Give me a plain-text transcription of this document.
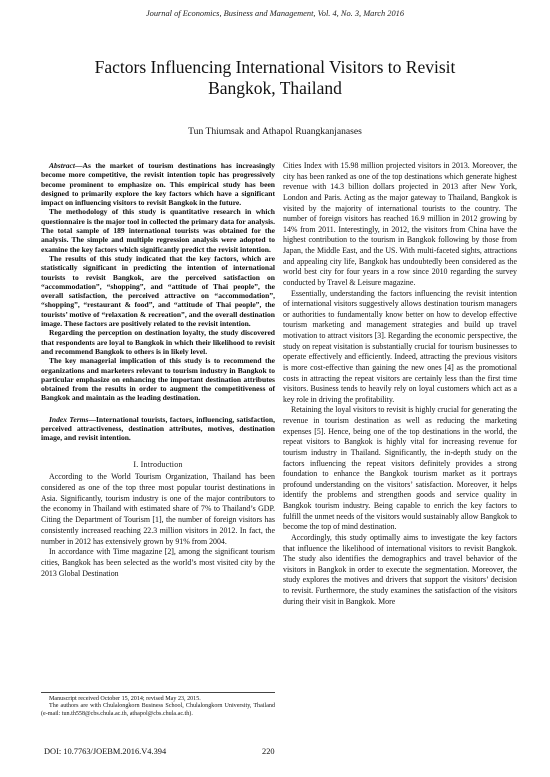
Journal of Economics, Business and Management, Vol. 4, No. 3, March 2016
Factors Influencing International Visitors to Revisit
Bangkok, Thailand
Tun Thiumsak and Athapol Ruangkanjanases

Abstract—As the market of tourism destinations has increasingly become more competitive, the revisit intention topic has progressively become prominent to emphasize on. This empirical study has been designed to primarily explore the key factors which have a significant impact on influencing visitors to revisit Bangkok in the future.

The methodology of this study is quantitative research in which questionnaire is the major tool in collected the primary data for analysis. The total sample of 189 international tourists was obtained for the analysis. The simple and multiple regression analysis were adopted to examine the key factors which significantly predict the revisit intention.

The results of this study indicated that the key factors, which are statistically significant in predicting the intention of international tourists to revisit Bangkok, are the perceived satisfaction on “accommodation”, “shopping”, and “attitude of Thai people”, the overall satisfaction, the perceived attractive on “accommodation”, “shopping”, “restaurant & food”, and “attitude of Thai people”, the tourists’ motive of “relaxation & recreation”, and the overall destination image. These factors are positively related to the revisit intention.

Regarding the perception on destination loyalty, the study discovered that respondents are loyal to Bangkok in which their likelihood to revisit and recommend Bangkok to others is in likely level.

The key managerial implication of this study is to recommend the organizations and marketers relevant to tourism industry in Bangkok to particular emphasize on enhancing the important destination attributes obtained from the results in order to augment the competitiveness of Bangkok and maintain as the leading destination.

Index Terms—International tourists, factors, influencing, satisfaction, perceived attractiveness, destination attributes, motives, destination image, and revisit intention.

I. Introduction

According to the World Tourism Organization, Thailand has been considered as one of the top three most popular tourist destinations in Asia. Significantly, tourism industry is one of the major contributors to the economy in Thailand with estimated share of 7% to Thailand’s GDP. Citing the Department of Tourism [1], the number of foreign visitors has consistently increased reaching 22.3 million visitors in 2012. In fact, the number in 2012 has extensively grown by 91% from 2004.

In accordance with Time magazine [2], among the significant tourism cities, Bangkok has been selected as the world’s most visited city by the 2013 Global Destination

Manuscript received October 15, 2014; revised May 23, 2015.

The authors are with Chulalongkorn Business School, Chulalongkorn University, Thailand (e-mail: tun.th558@cbs.chula.ac.th, athapol@cbs.chula.ac.th).

Cities Index with 15.98 million projected visitors in 2013. Moreover, the city has been ranked as one of the top destinations which generate highest revenue with 14.3 billion dollars projected in 2013 after New York, London and Paris. Acting as the major gateway to Thailand, Bangkok is visited by the majority of international tourists to the country. The number of foreign visitors has reached 16.9 million in 2012 growing by 14% from 2011. Interestingly, in 2012, the visitors from China have the highest contribution to the tourism in Bangkok following by those from Japan, the Middle East, and the US. With multi-faceted sights, attractions and appealing city life, Bangkok has undoubtedly been considered as the world best city for four years in a row since 2010 regarding the survey conducted by Travel & Leisure magazine.

Essentially, understanding the factors influencing the revisit intention of international visitors suggestively allows destination tourism managers or authorities to fundamentally know better on how to develop effective tourism marketing and management strategies and build up travel motivation to attract visitors [3]. Regarding the economic perspective, the study on repeat visitation is substantially crucial for tourism businesses to operate effectively and efficiently. Indeed, attracting the previous visitors is more cost-effective than gaining the new ones [4] as the promotional costs in attracting the repeat visitors are certainly less than the first time visitors. Business tends to heavily rely on loyal customers which act as a key role in driving the profitability.

Retaining the loyal visitors to revisit is highly crucial for generating the revenue in tourism destination as well as reducing the marketing expenses [5]. Hence, being one of the top destinations in the world, the repeat visitors to Bangkok is highly vital for increasing revenue for tourism industry in Thailand. Significantly, the in-depth study on the factors influencing the repeat visitors definitely provides a strong foundation to enhance the Bangkok tourism market as it portrays profound understanding on the visitors’ satisfaction. Moreover, it helps identify the problems and strengthen goods and service quality in Bangkok tourism industry. Being capable to enrich the key factors to fulfill the unmet needs of the visitors would sustainably allow Bangkok to become the top of mind destination.

Accordingly, this study optimally aims to investigate the key factors that influence the likelihood of international visitors to revisit Bangkok. The study also identifies the demographics and travel behavior of the visitors in Bangkok in order to execute the segmentation. Moreover, the study explores the motives and drivers that support the visitors’ decision to revisit. Furthermore, the study examines the satisfaction of the visitors during their visit in Bangkok. More

DOI: 10.7763/JOEBM.2016.V4.394	220
